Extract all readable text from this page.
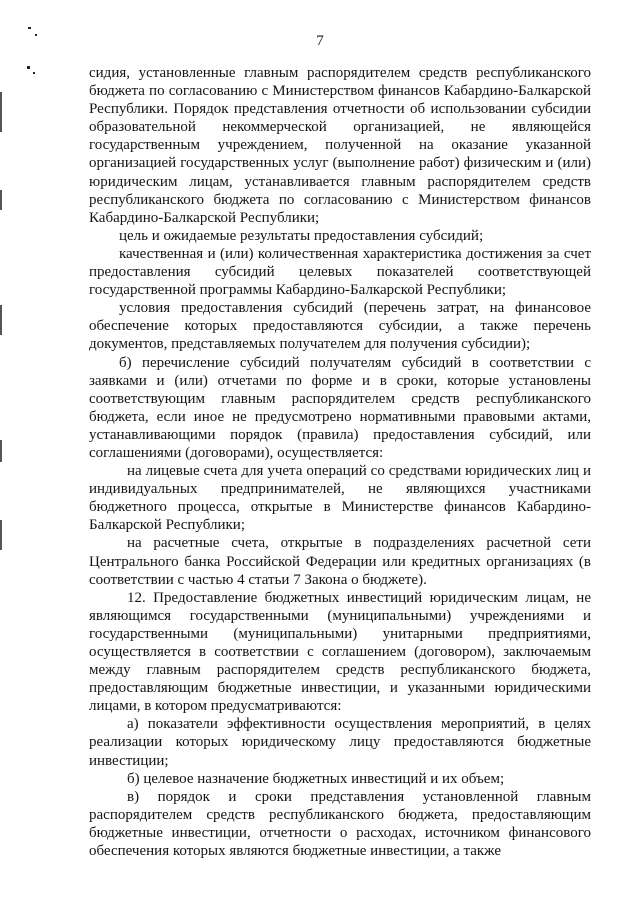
7

сидия, установленные главным распорядителем средств республиканского бюджета по согласованию с Министерством финансов Кабардино-Балкарской Республики. Порядок представления отчетности об использовании субсидии образовательной некоммерческой организацией, не являющейся государственным учреждением, полученной на оказание указанной организацией государственных услуг (выполнение работ) физическим и (или) юридическим лицам, устанавливается главным распорядителем средств республиканского бюджета по согласованию с Министерством финансов Кабардино-Балкарской Республики;

цель и ожидаемые результаты предоставления субсидий;

качественная и (или) количественная характеристика достижения за счет предоставления субсидий целевых показателей соответствующей государственной программы Кабардино-Балкарской Республики;

условия предоставления субсидий (перечень затрат, на финансовое обеспечение которых предоставляются субсидии, а также перечень документов, представляемых получателем для получения субсидии);

б) перечисление субсидий получателям субсидий в соответствии с заявками и (или) отчетами по форме и в сроки, которые установлены соответствующим главным распорядителем средств республиканского бюджета, если иное не предусмотрено нормативными правовыми актами, устанавливающими порядок (правила) предоставления субсидий, или соглашениями (договорами), осуществляется:

на лицевые счета для учета операций со средствами юридических лиц и индивидуальных предпринимателей, не являющихся участниками бюджетного процесса, открытые в Министерстве финансов Кабардино-Балкарской Республики;

на расчетные счета, открытые в подразделениях расчетной сети Центрального банка Российской Федерации или кредитных организациях (в соответствии с частью 4 статьи 7 Закона о бюджете).

12. Предоставление бюджетных инвестиций юридическим лицам, не являющимся государственными (муниципальными) учреждениями и государственными (муниципальными) унитарными предприятиями, осуществляется в соответствии с соглашением (договором), заключаемым между главным распорядителем средств республиканского бюджета, предоставляющим бюджетные инвестиции, и указанными юридическими лицами, в котором предусматриваются:

а) показатели эффективности осуществления мероприятий, в целях реализации которых юридическому лицу предоставляются бюджетные инвестиции;

б) целевое назначение бюджетных инвестиций и их объем;

в) порядок и сроки представления установленной главным распорядителем средств республиканского бюджета, предоставляющим бюджетные инвестиции, отчетности о расходах, источником финансового обеспечения которых являются бюджетные инвестиции, а также
